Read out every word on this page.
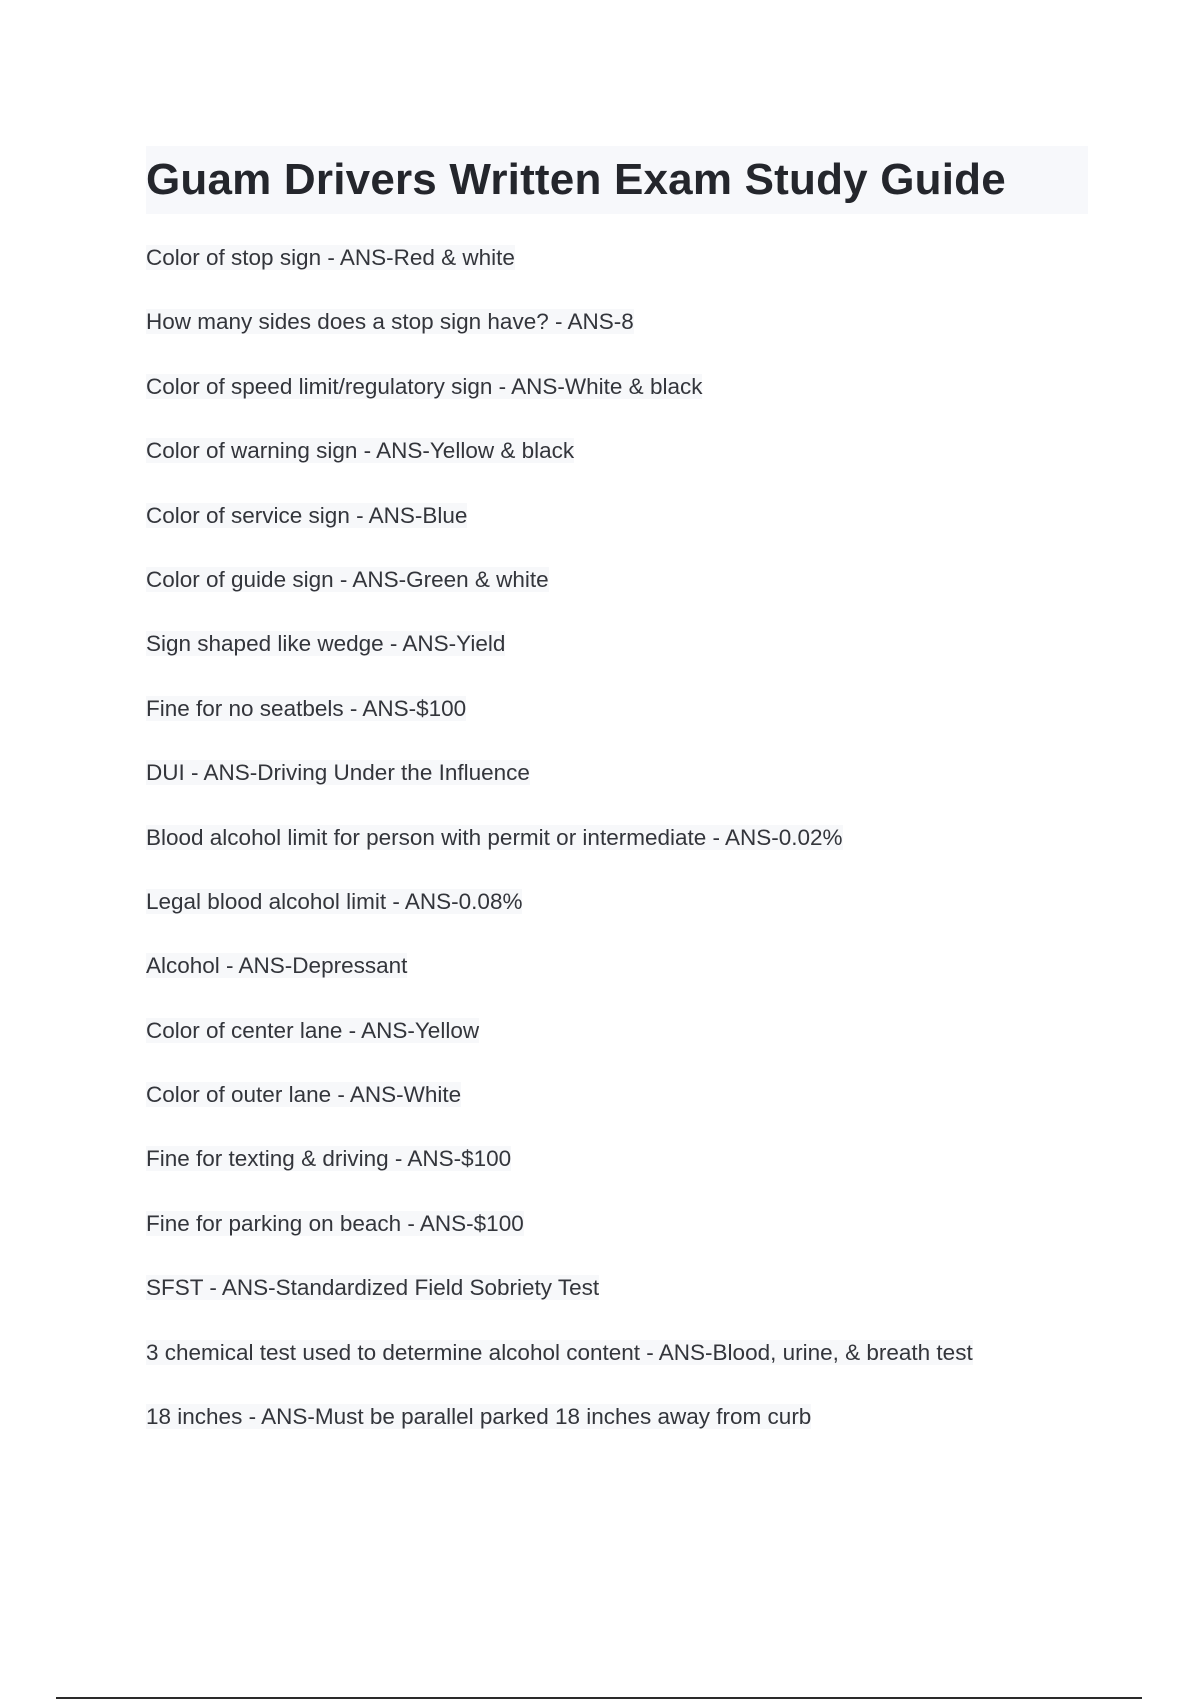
Guam Drivers Written Exam Study Guide
Color of stop sign - ANS-Red & white
How many sides does a stop sign have? - ANS-8
Color of speed limit/regulatory sign - ANS-White & black
Color of warning sign - ANS-Yellow & black
Color of service sign - ANS-Blue
Color of guide sign - ANS-Green & white
Sign shaped like wedge - ANS-Yield
Fine for no seatbels - ANS-$100
DUI - ANS-Driving Under the Influence
Blood alcohol limit for person with permit or intermediate - ANS-0.02%
Legal blood alcohol limit - ANS-0.08%
Alcohol - ANS-Depressant
Color of center lane - ANS-Yellow
Color of outer lane - ANS-White
Fine for texting & driving - ANS-$100
Fine for parking on beach - ANS-$100
SFST - ANS-Standardized Field Sobriety Test
3 chemical test used to determine alcohol content - ANS-Blood, urine, & breath test
18 inches - ANS-Must be parallel parked 18 inches away from curb
